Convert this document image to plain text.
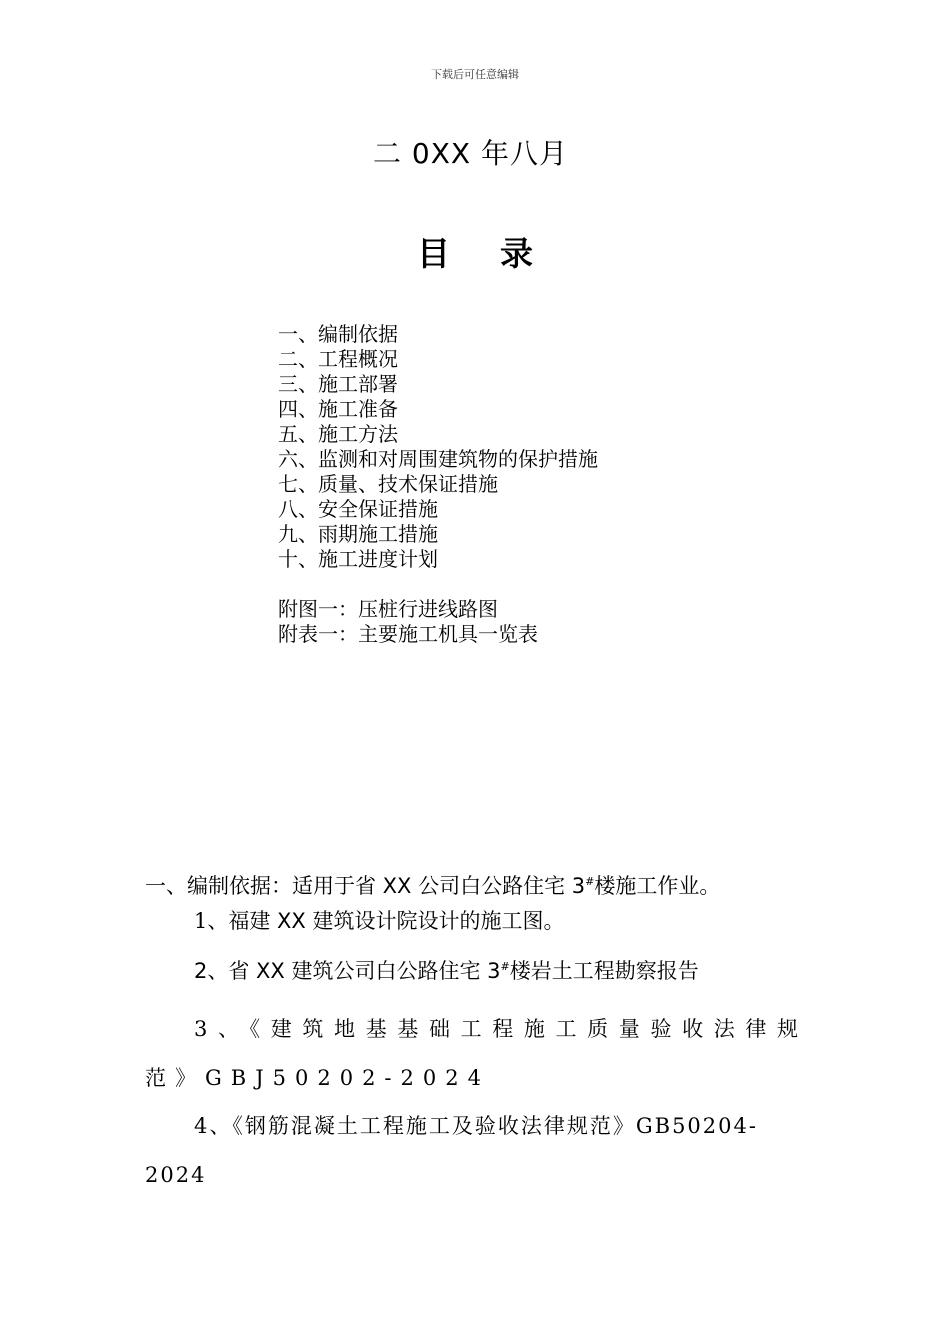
下载后可任意编辑
二 0XX 年八月
目录
一、编制依据
二、工程概况
三、施工部署
四、施工准备
五、施工方法
六、监测和对周围建筑物的保护措施
七、质量、技术保证措施
八、安全保证措施
九、雨期施工措施
十、施工进度计划
附图一：压桩行进线路图
附表一：主要施工机具一览表
一、编制依据：适用于省 XX 公司白公路住宅 3#楼施工作业。
1、福建 XX 建筑设计院设计的施工图。
2、省 XX 建筑公司白公路住宅 3#楼岩土工程勘察报告
3、《建筑地基基础工程施工质量验收法律规范》GBJ50202-2024
4、《钢筋混凝土工程施工及验收法律规范》GB50204-2024
